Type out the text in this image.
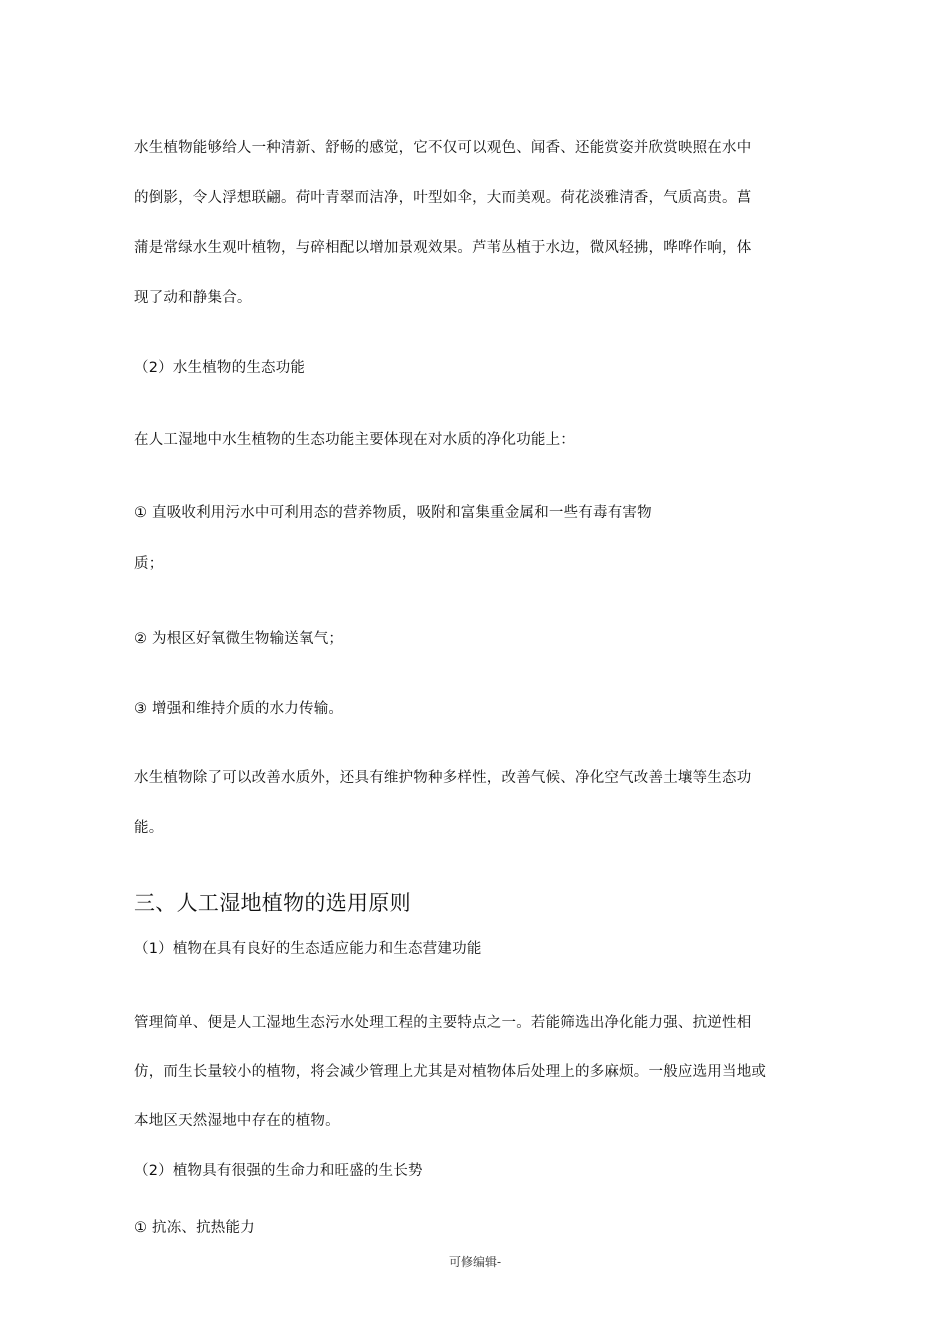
水生植物能够给人一种清新、舒畅的感觉，它不仅可以观色、闻香、还能赏姿并欣赏映照在水中
的倒影，令人浮想联翩。荷叶青翠而洁净，叶型如伞，大而美观。荷花淡雅清香，气质高贵。菖
蒲是常绿水生观叶植物，与碎相配以增加景观效果。芦苇丛植于水边，微风轻拂，哗哗作响，体
现了动和静集合。
（2）水生植物的生态功能
在人工湿地中水生植物的生态功能主要体现在对水质的净化功能上：
① 直吸收利用污水中可利用态的营养物质，吸附和富集重金属和一些有毒有害物
质；
② 为根区好氧微生物输送氧气；
③ 增强和维持介质的水力传输。
水生植物除了可以改善水质外，还具有维护物种多样性，改善气候、净化空气改善土壤等生态功
能。
三、人工湿地植物的选用原则
（1）植物在具有良好的生态适应能力和生态营建功能
管理简单、便是人工湿地生态污水处理工程的主要特点之一。若能筛选出净化能力强、抗逆性相
仿，而生长量较小的植物，将会减少管理上尤其是对植物体后处理上的多麻烦。一般应选用当地或
本地区天然湿地中存在的植物。
（2）植物具有很强的生命力和旺盛的生长势
① 抗冻、抗热能力
可修编辑-
